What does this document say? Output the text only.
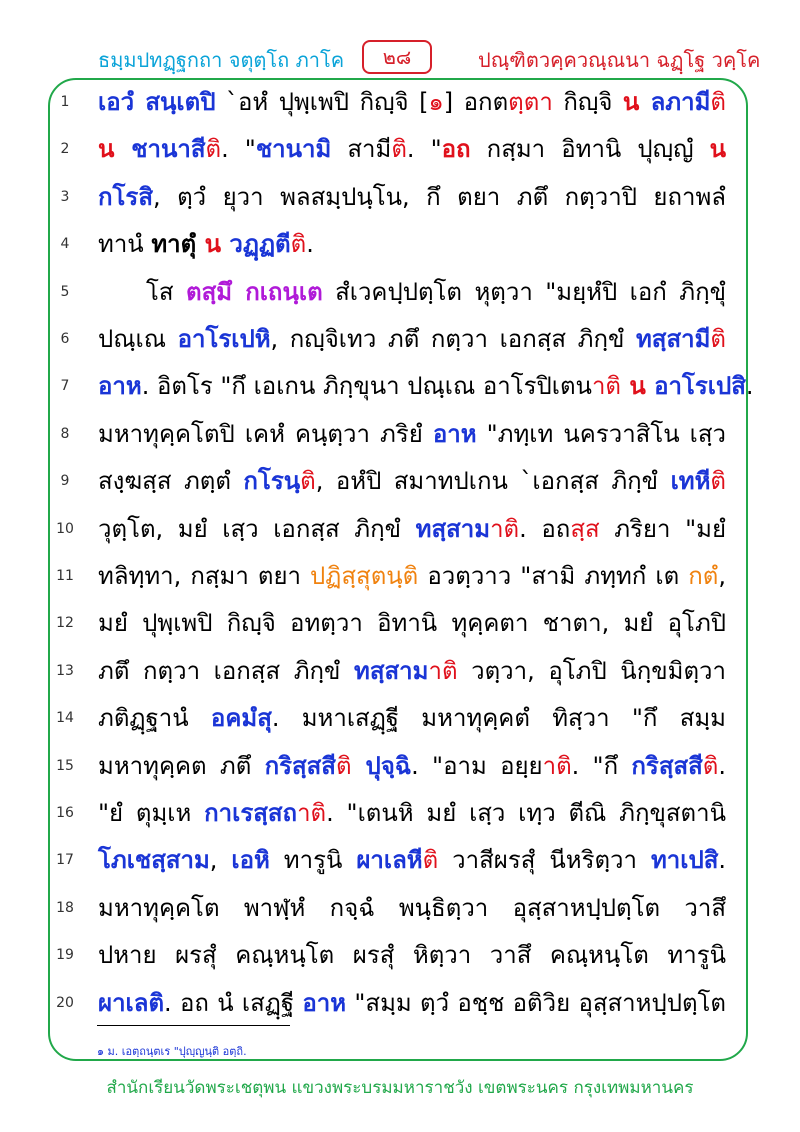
ธมฺมปทฏฺฐกถา จตุตฺโถ ภาโค	๒๘	ปณฺฑิตวคฺควณฺณนา ฉฏฺโฐ วคฺโค
1	เอวํ สนฺเตปิ `อหํ ปุพฺเพปิ กิญฺจิ [๑] อกตตฺตา กิญฺจิ น ลภามีติ
2	น ชานาสีติ. "ชานามิ สามีติ. "อถ กสฺมา อิทานิ ปุญฺญํ น
3	กโรสิ, ตฺวํ ยุวา พลสมฺปนฺโน, กึ ตยา ภตึ กตฺวาปิ ยถาพลํ
4	ทานํ ทาตุํ น วฏฺฏตีติ.
5	โส ตสฺมึ กเถนฺเต สํเวคปฺปตฺโต หุตฺวา "มยฺหํปิ เอกํ ภิกฺขุํ
6	ปณฺเณ อาโรเปหิ, กญฺจิเทว ภตึ กตฺวา เอกสฺส ภิกฺขํ ทสฺสามีติ
7	อาห. อิตโร "กึ เอเกน ภิกฺขุนา ปณฺเณ อาโรปิเตนาติ น อาโรเปสิ.
8	มหาทุคฺคโตปิ เคหํ คนฺตฺวา ภริยํ อาห "ภทฺเท นครวาสิโน เสฺว
9	สงฺฆสฺส ภตฺตํ กโรนฺติ, อหํปิ สมาทปเกน `เอกสฺส ภิกฺขํ เทหีติ
10	วุตฺโต, มยํ เสฺว เอกสฺส ภิกฺขํ ทสฺสามาติ. อถสฺส ภริยา "มยํ
11	ทลิทฺทา, กสฺมา ตยา ปฏิสฺสุตนฺติ อวตฺวาว "สามิ ภทฺทกํ เต กตํ,
12	มยํ ปุพฺเพปิ กิญฺจิ อทตฺวา อิทานิ ทุคฺคตา ชาตา, มยํ อุโภปิ
13	ภตึ กตฺวา เอกสฺส ภิกฺขํ ทสฺสามาติ วตฺวา, อุโภปิ นิกฺขมิตฺวา
14	ภติฏฺฐานํ อคมํสุ. มหาเสฏฺฐี มหาทุคฺคตํ ทิสฺวา "กึ สมฺม
15	มหาทุคฺคต ภตึ กริสฺสสีติ ปุจฺฉิ. "อาม อยฺยาติ. "กึ กริสฺสสีติ.
16	"ยํ ตุมฺเห กาเรสฺสถาติ. "เตนหิ มยํ เสฺว เทฺว ตีณิ ภิกฺขุสตานิ
17	โภเชสฺสาม, เอหิ ทารูนิ ผาเลหีติ วาสีผรสุํ นีหริตฺวา ทาเปสิ.
18	มหาทุคฺคโต พาฬฺหํ กจฺฉํ พนฺธิตฺวา อุสฺสาหปฺปตฺโต วาสึ
19	ปหาย ผรสุํ คณฺหนฺโต ผรสุํ หิตฺวา วาสึ คณฺหนฺโต ทารูนิ
20	ผาเลติ. อถ นํ เสฏฺฐี อาห "สมฺม ตฺวํ อชฺช อติวิย อุสฺสาหปฺปตฺโต
๑ ม. เอตฺถนฺตเร "ปุญฺญนฺติ อตฺถิ.
สำนักเรียนวัดพระเชตุพน แขวงพระบรมมหาราชวัง เขตพระนคร กรุงเทพมหานคร
